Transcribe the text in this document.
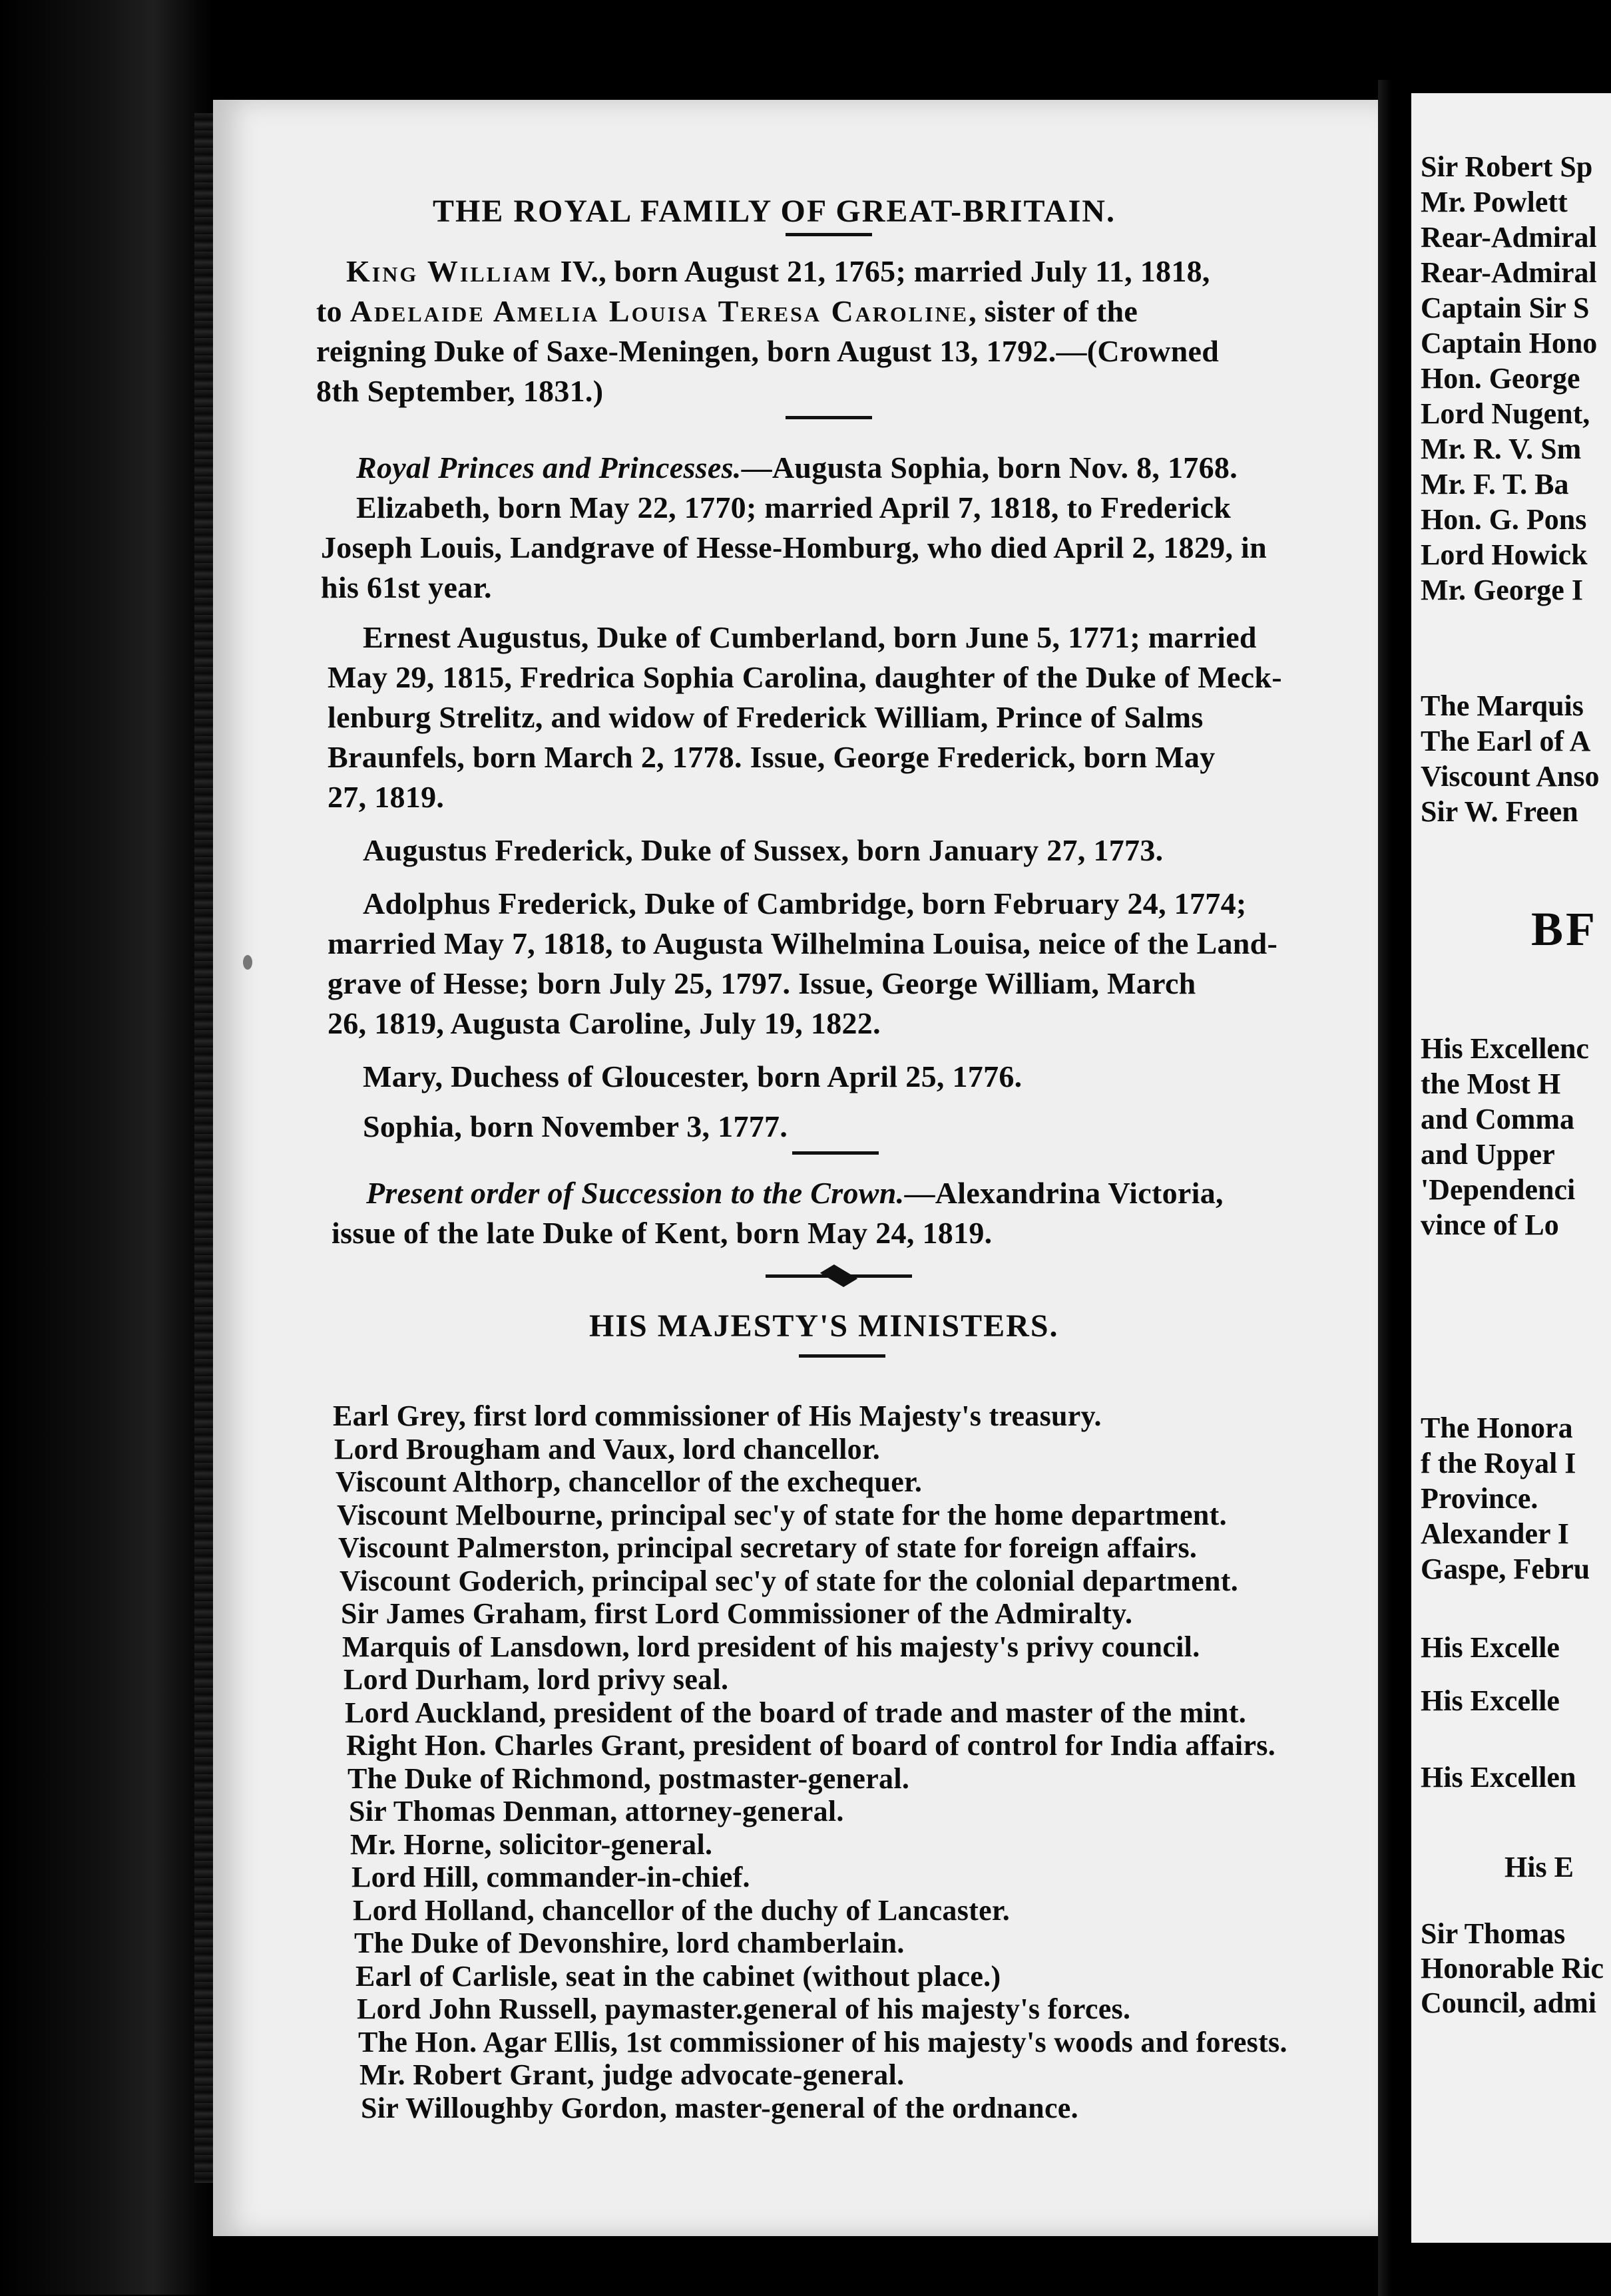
THE ROYAL FAMILY OF GREAT-BRITAIN.
King William IV., born August 21, 1765; married July 11, 1818,
to Adelaide Amelia Louisa Teresa Caroline, sister of the
reigning Duke of Saxe-Meningen, born August 13, 1792.—(Crowned
8th September, 1831.)
Royal Princes and Princesses.—Augusta Sophia, born Nov. 8, 1768.
Elizabeth, born May 22, 1770; married April 7, 1818, to Frederick
Joseph Louis, Landgrave of Hesse-Homburg, who died April 2, 1829, in
his 61st year.
Ernest Augustus, Duke of Cumberland, born June 5, 1771; married
May 29, 1815, Fredrica Sophia Carolina, daughter of the Duke of Meck-
lenburg Strelitz, and widow of Frederick William, Prince of Salms
Braunfels, born March 2, 1778. Issue, George Frederick, born May
27, 1819.
Augustus Frederick, Duke of Sussex, born January 27, 1773.
Adolphus Frederick, Duke of Cambridge, born February 24, 1774;
married May 7, 1818, to Augusta Wilhelmina Louisa, neice of the Land-
grave of Hesse; born July 25, 1797. Issue, George William, March
26, 1819, Augusta Caroline, July 19, 1822.
Mary, Duchess of Gloucester, born April 25, 1776.
Sophia, born November 3, 1777.
Present order of Succession to the Crown.—Alexandrina Victoria,
issue of the late Duke of Kent, born May 24, 1819.
HIS MAJESTY'S MINISTERS.
Earl Grey, first lord commissioner of His Majesty's treasury.
Lord Brougham and Vaux, lord chancellor.
Viscount Althorp, chancellor of the exchequer.
Viscount Melbourne, principal sec'y of state for the home department.
Viscount Palmerston, principal secretary of state for foreign affairs.
Viscount Goderich, principal sec'y of state for the colonial department.
Sir James Graham, first Lord Commissioner of the Admiralty.
Marquis of Lansdown, lord president of his majesty's privy council.
Lord Durham, lord privy seal.
Lord Auckland, president of the board of trade and master of the mint.
Right Hon. Charles Grant, president of board of control for India affairs.
The Duke of Richmond, postmaster-general.
Sir Thomas Denman, attorney-general.
Mr. Horne, solicitor-general.
Lord Hill, commander-in-chief.
Lord Holland, chancellor of the duchy of Lancaster.
The Duke of Devonshire, lord chamberlain.
Earl of Carlisle, seat in the cabinet (without place.)
Lord John Russell, paymaster.general of his majesty's forces.
The Hon. Agar Ellis, 1st commissioner of his majesty's woods and forests.
Mr. Robert Grant, judge advocate-general.
Sir Willoughby Gordon, master-general of the ordnance.
BF
Sir Robert Sp
Mr. Powlett
Rear-Admiral
Rear-Admiral
Captain Sir S
Captain Hono
Hon. George
Lord Nugent,
Mr. R. V. Sm
Mr. F. T. Ba
Hon. G. Pons
Lord Howick
Mr. George I
The Marquis
The Earl of A
Viscount Anso
Sir W. Freen
His Excellenc
the Most H
and Comma
and Upper
'Dependenci
vince of Lo
The Honora
f the Royal I
Province.
Alexander I
Gaspe, Febru
His Excelle
His Excelle
His Excellen
His E
Sir Thomas
Honorable Ric
Council, admi
